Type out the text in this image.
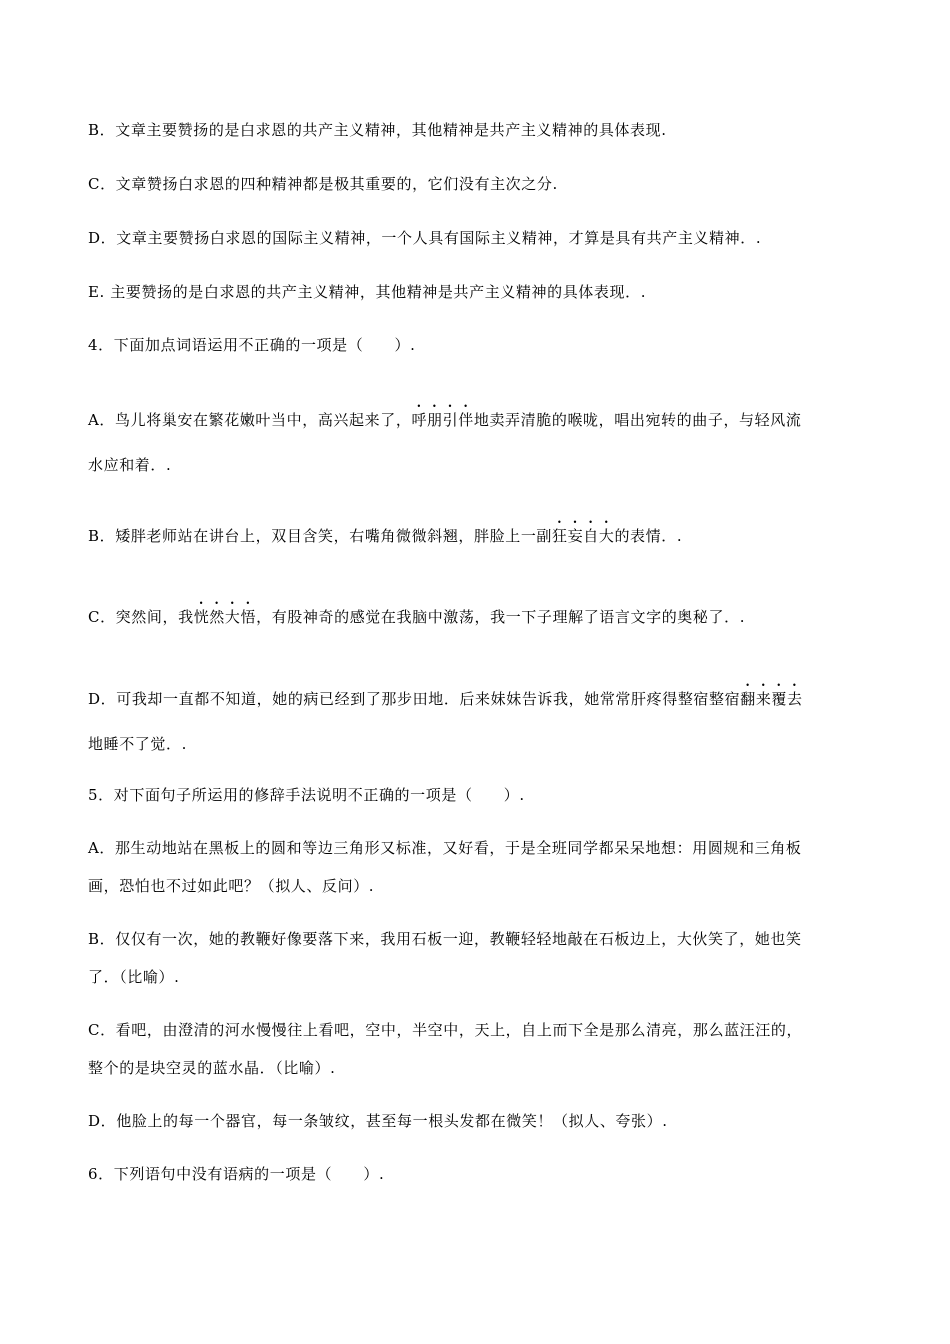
B．文章主要赞扬的是白求恩的共产主义精神，其他精神是共产主义精神的具体表现.
C．文章赞扬白求恩的四种精神都是极其重要的，它们没有主次之分.
D．文章主要赞扬白求恩的国际主义精神，一个人具有国际主义精神，才算是具有共产主义精神．.
E. 主要赞扬的是白求恩的共产主义精神，其他精神是共产主义精神的具体表现．.
4．下面加点词语运用不正确的一项是（　　）.
A．鸟儿将巢安在繁花嫩叶当中，高兴起来了，呼朋引伴地卖弄清脆的喉咙，唱出宛转的曲子，与轻风流
水应和着．.
B．矮胖老师站在讲台上，双目含笑，右嘴角微微斜翘，胖脸上一副狂妄自大的表情．.
C．突然间，我恍然大悟，有股神奇的感觉在我脑中激荡，我一下子理解了语言文字的奥秘了．.
D．可我却一直都不知道，她的病已经到了那步田地．后来妹妹告诉我，她常常肝疼得整宿整宿翻来覆去
地睡不了觉．.
5．对下面句子所运用的修辞手法说明不正确的一项是（　　）.
A．那生动地站在黑板上的圆和等边三角形又标准，又好看，于是全班同学都呆呆地想：用圆规和三角板
画，恐怕也不过如此吧？（拟人、反问）.
B．仅仅有一次，她的教鞭好像要落下来，我用石板一迎，教鞭轻轻地敲在石板边上，大伙笑了，她也笑
了．（比喻）.
C．看吧，由澄清的河水慢慢往上看吧，空中，半空中，天上，自上而下全是那么清亮，那么蓝汪汪的，
整个的是块空灵的蓝水晶．（比喻）.
D．他脸上的每一个器官，每一条皱纹，甚至每一根头发都在微笑！（拟人、夸张）.
6．下列语句中没有语病的一项是（　　）.
